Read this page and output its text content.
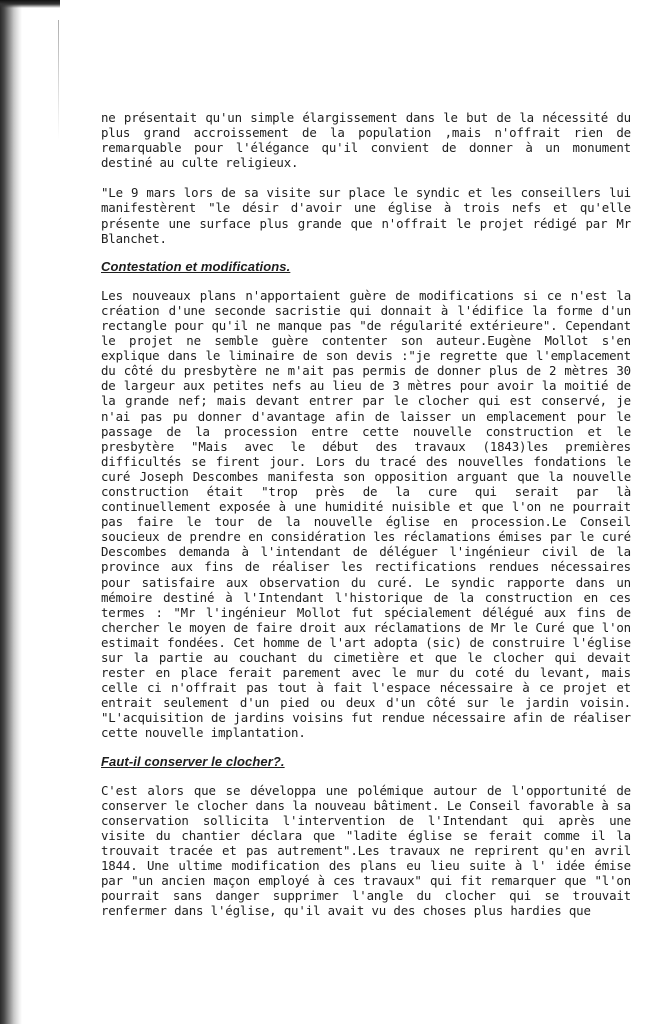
ne présentait qu'un simple élargissement dans le but de la nécessité du plus grand accroissement de la population ,mais n'offrait rien de remarquable pour l'élégance qu'il convient de donner à un monument destiné au culte religieux.

"Le 9 mars lors de sa visite sur place le syndic et les conseillers lui manifestèrent "le désir d'avoir une église à trois nefs et qu'elle présente une surface plus grande que n'offrait le projet rédigé par Mr Blanchet.

Contestation et modifications.

Les nouveaux plans n'apportaient guère de modifications si ce n'est la création d'une seconde sacristie qui donnait à l'édifice la forme d'un rectangle pour qu'il ne manque pas "de régularité extérieure". Cependant le projet ne semble guère contenter son auteur.Eugène Mollot s'en explique dans le liminaire de son devis :"je regrette que l'emplacement du côté du presbytère ne m'ait pas permis de donner plus de 2 mètres 30 de largeur aux petites nefs au lieu de 3 mètres pour avoir la moitié de la grande nef; mais devant entrer par le clocher qui est conservé, je n'ai pas pu donner d'avantage afin de laisser un emplacement pour le passage de la procession entre cette nouvelle construction et le presbytère "Mais avec le début des travaux (1843)les premières difficultés se firent jour. Lors du tracé des nouvelles fondations le curé Joseph Descombes manifesta son opposition arguant que la nouvelle construction était "trop près de la cure qui serait par là continuellement exposée à une humidité nuisible et que l'on ne pourrait pas faire le tour de la nouvelle église en procession.Le Conseil soucieux de prendre en considération les réclamations émises par le curé Descombes demanda à l'intendant de déléguer l'ingénieur civil de la province aux fins de réaliser les rectifications rendues nécessaires pour satisfaire aux observation du curé. Le syndic rapporte dans un mémoire destiné à l'Intendant l'historique de la construction en ces termes : "Mr l'ingénieur Mollot fut spécialement délégué aux fins de chercher le moyen de faire droit aux réclamations de Mr le Curé que l'on estimait fondées. Cet homme de l'art adopta (sic) de construire l'église sur la partie au couchant du cimetière et que le clocher qui devait rester en place ferait parement avec le mur du coté du levant, mais celle ci n'offrait pas tout à fait l'espace nécessaire à ce projet et entrait seulement d'un pied ou deux d'un côté sur le jardin voisin. "L'acquisition de jardins voisins fut rendue nécessaire afin de réaliser cette nouvelle implantation.

Faut-il conserver le clocher?.

C'est alors que se développa une polémique autour de l'opportunité de conserver le clocher dans la nouveau bâtiment. Le Conseil favorable à sa conservation sollicita l'intervention de l'Intendant qui après une visite du chantier déclara que "ladite église se ferait comme il la trouvait tracée et pas autrement".Les travaux ne reprirent qu'en avril 1844. Une ultime modification des plans eu lieu suite à l' idée émise par "un ancien maçon employé à ces travaux" qui fit remarquer que "l'on pourrait sans danger supprimer l'angle du clocher qui se trouvait renfermer dans l'église, qu'il avait vu des choses plus hardies que
